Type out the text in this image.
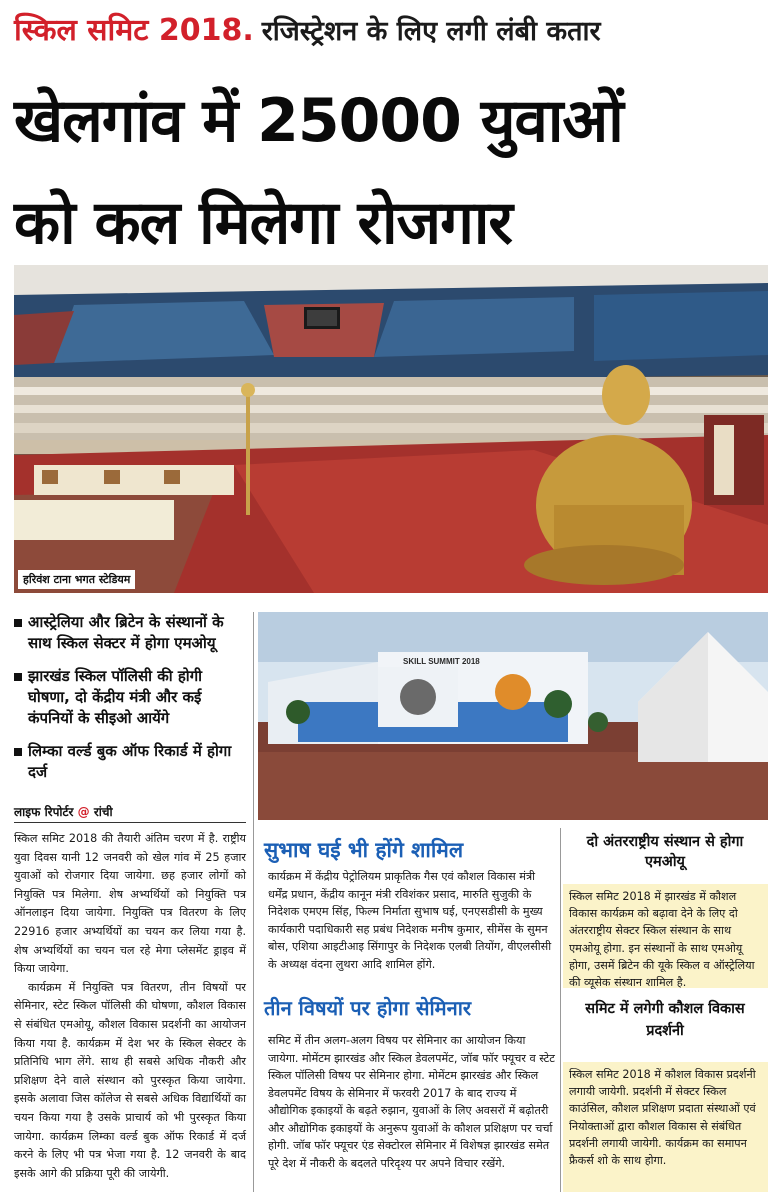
स्किल समिट 2018. रजिस्ट्रेशन के लिए लगी लंबी कतार
खेलगांव में 25000 युवाओं
को कल मिलेगा रोजगार
हरिवंश टाना भगत स्टेडियम
आस्ट्रेलिया और ब्रिटेन के संस्थानों के साथ स्किल सेक्टर में होगा एमओयू
झारखंड स्किल पॉलिसी की होगी घोषणा, दो केंद्रीय मंत्री और कई कंपनियों के सीइओ आयेंगे
लिम्का वर्ल्ड बुक ऑफ रिकार्ड में होगा दर्ज
लाइफ रिपोर्टर @ रांची

स्किल समिट 2018 की तैयारी अंतिम चरण में है. राष्ट्रीय युवा दिवस यानी 12 जनवरी को खेल गांव में 25 हजार युवाओं को रोजगार दिया जायेगा. छह हजार लोगों को नियुक्ति पत्र मिलेगा. शेष अभ्यर्थियों को नियुक्ति पत्र ऑनलाइन दिया जायेगा. नियुक्ति पत्र वितरण के लिए 22916 हजार अभ्यर्थियों का चयन कर लिया गया है. शेष अभ्यर्थियों का चयन चल रहे मेगा प्लेसमेंट ड्राइव में किया जायेगा.

कार्यक्रम में नियुक्ति पत्र वितरण, तीन विषयों पर सेमिनार, स्टेट स्किल पॉलिसी की घोषणा, कौशल विकास से संबंधित एमओयू, कौशल विकास प्रदर्शनी का आयोजन किया गया है. कार्यक्रम में देश भर के स्किल सेक्टर के प्रतिनिधि भाग लेंगे. साथ ही सबसे अधिक नौकरी और प्रशिक्षण देने वाले संस्थान को पुरस्कृत किया जायेगा. इसके अलावा जिस कॉलेज से सबसे अधिक विद्यार्थियों का चयन किया गया है उसके प्राचार्य को भी पुरस्कृत किया जायेगा. कार्यक्रम लिम्का वर्ल्ड बुक ऑफ रिकार्ड में दर्ज करने के लिए भी पत्र भेजा गया है. 12 जनवरी के बाद इसके आगे की प्रक्रिया पूरी की जायेगी.

SKILL SUMMIT 2018
सुभाष घई भी होंगे शामिल
कार्यक्रम में केंद्रीय पेट्रोलियम प्राकृतिक गैस एवं कौशल विकास मंत्री धर्मेंद्र प्रधान, केंद्रीय कानून मंत्री रविशंकर प्रसाद, मारुति सुजुकी के निदेशक एमएम सिंह, फिल्म निर्माता सुभाष घई, एनएसडीसी के मुख्य कार्यकारी पदाधिकारी सह प्रबंध निदेशक मनीष कुमार, सीमेंस के सुमन बोस, एशिया आइटीआइ सिंगापुर के निदेशक एलबी तियोंग, वीएलसीसी के अध्यक्ष वंदना लुथरा आदि शामिल होंगे.
तीन विषयों पर होगा सेमिनार
समिट में तीन अलग-अलग विषय पर सेमिनार का आयोजन किया जायेगा. मोमेंटम झारखंड और स्किल डेवलपमेंट, जॉब फॉर फ्यूचर व स्टेट स्किल पॉलिसी विषय पर सेमिनार होगा. मोमेंटम झारखंड और स्किल डेवलपमेंट विषय के सेमिनार में फरवरी 2017 के बाद राज्य में औद्योगिक इकाइयों के बढ़ते रुझान, युवाओं के लिए अवसरों में बढ़ोतरी और औद्योगिक इकाइयों के अनुरूप युवाओं के कौशल प्रशिक्षण पर चर्चा होगी. जॉब फॉर फ्यूचर एंड सेक्टोरल सेमिनार में विशेषज्ञ झारखंड समेत पूरे देश में नौकरी के बदलते परिदृश्य पर अपने विचार रखेंगे.
दो अंतरराष्ट्रीय संस्थान से होगा एमओयू
स्किल समिट 2018 में झारखंड में कौशल विकास कार्यक्रम को बढ़ावा देने के लिए दो अंतरराष्ट्रीय सेक्टर स्किल संस्थान के साथ एमओयू होगा. इन संस्थानों के साथ एमओयू होगा, उसमें ब्रिटेन की यूके स्किल व ऑस्ट्रेलिया की व्यूसेक संस्थान शामिल है.
समिट में लगेगी कौशल विकास प्रदर्शनी
स्किल समिट 2018 में कौशल विकास प्रदर्शनी लगायी जायेगी. प्रदर्शनी में सेक्टर स्किल काउंसिल, कौशल प्रशिक्षण प्रदाता संस्थाओं एवं नियोक्ताओं द्वारा कौशल विकास से संबंधित प्रदर्शनी लगायी जायेगी. कार्यक्रम का समापन फ्रैकर्स शो के साथ होगा.
